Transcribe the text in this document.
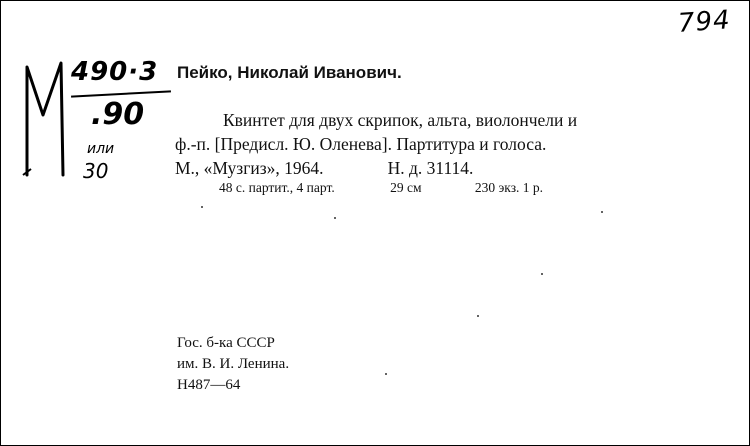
794
490·3
.90
или
30
Пейко, Николай Иванович.
Квинтет для двух скрипок, альта, виолончели и
ф.-п. [Предисл. Ю. Оленева]. Партитура и голоса.
М., «Музгиз», 1964.	Н. д. 31114.
48 с. партит., 4 парт.	29 см	230 экз. 1 р.
Гос. б-ка СССР
им. В. И. Ленина.
Н487—64
